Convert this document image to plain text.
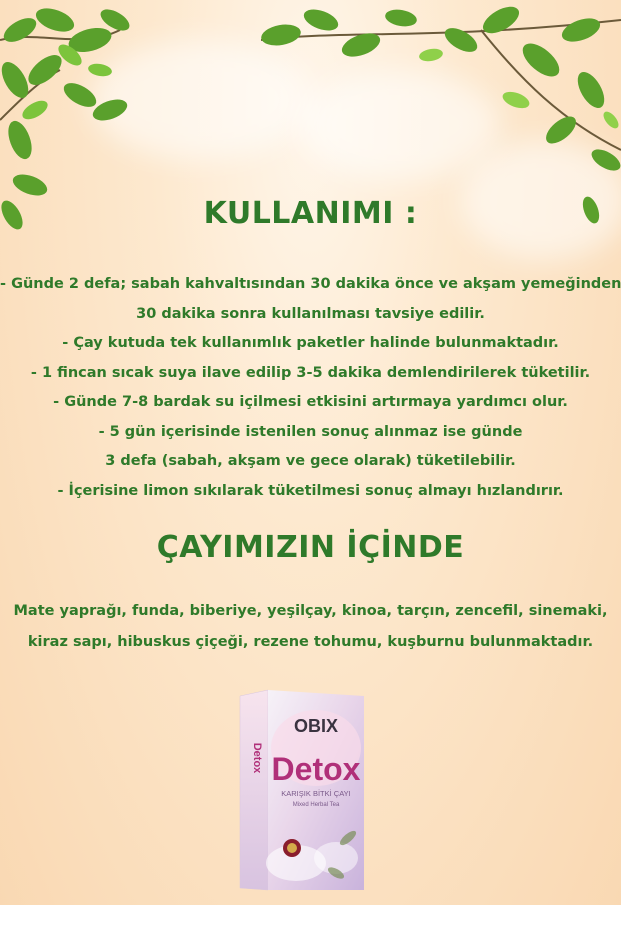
KULLANIMI :
- Günde 2 defa; sabah kahvaltısından 30 dakika önce ve akşam yemeğinden
30 dakika sonra kullanılması tavsiye edilir.
- Çay kutuda tek kullanımlık paketler halinde bulunmaktadır.
- 1 fincan sıcak suya ilave edilip 3-5 dakika demlendirilerek tüketilir.
- Günde 7-8 bardak su içilmesi etkisini artırmaya yardımcı olur.
- 5 gün içerisinde istenilen sonuç alınmaz ise günde
3 defa (sabah, akşam ve gece olarak) tüketilebilir.
- İçerisine limon sıkılarak tüketilmesi sonuç almayı hızlandırır.
ÇAYIMIZIN İÇİNDE
Mate yaprağı, funda, biberiye, yeşilçay, kinoa, tarçın, zencefil, sinemaki,
kiraz sapı, hibuskus çiçeği, rezene tohumu, kuşburnu bulunmaktadır.
OBIX
Detox
KARIŞIK BİTKİ ÇAYI
Mixed Herbal Tea
Detox
